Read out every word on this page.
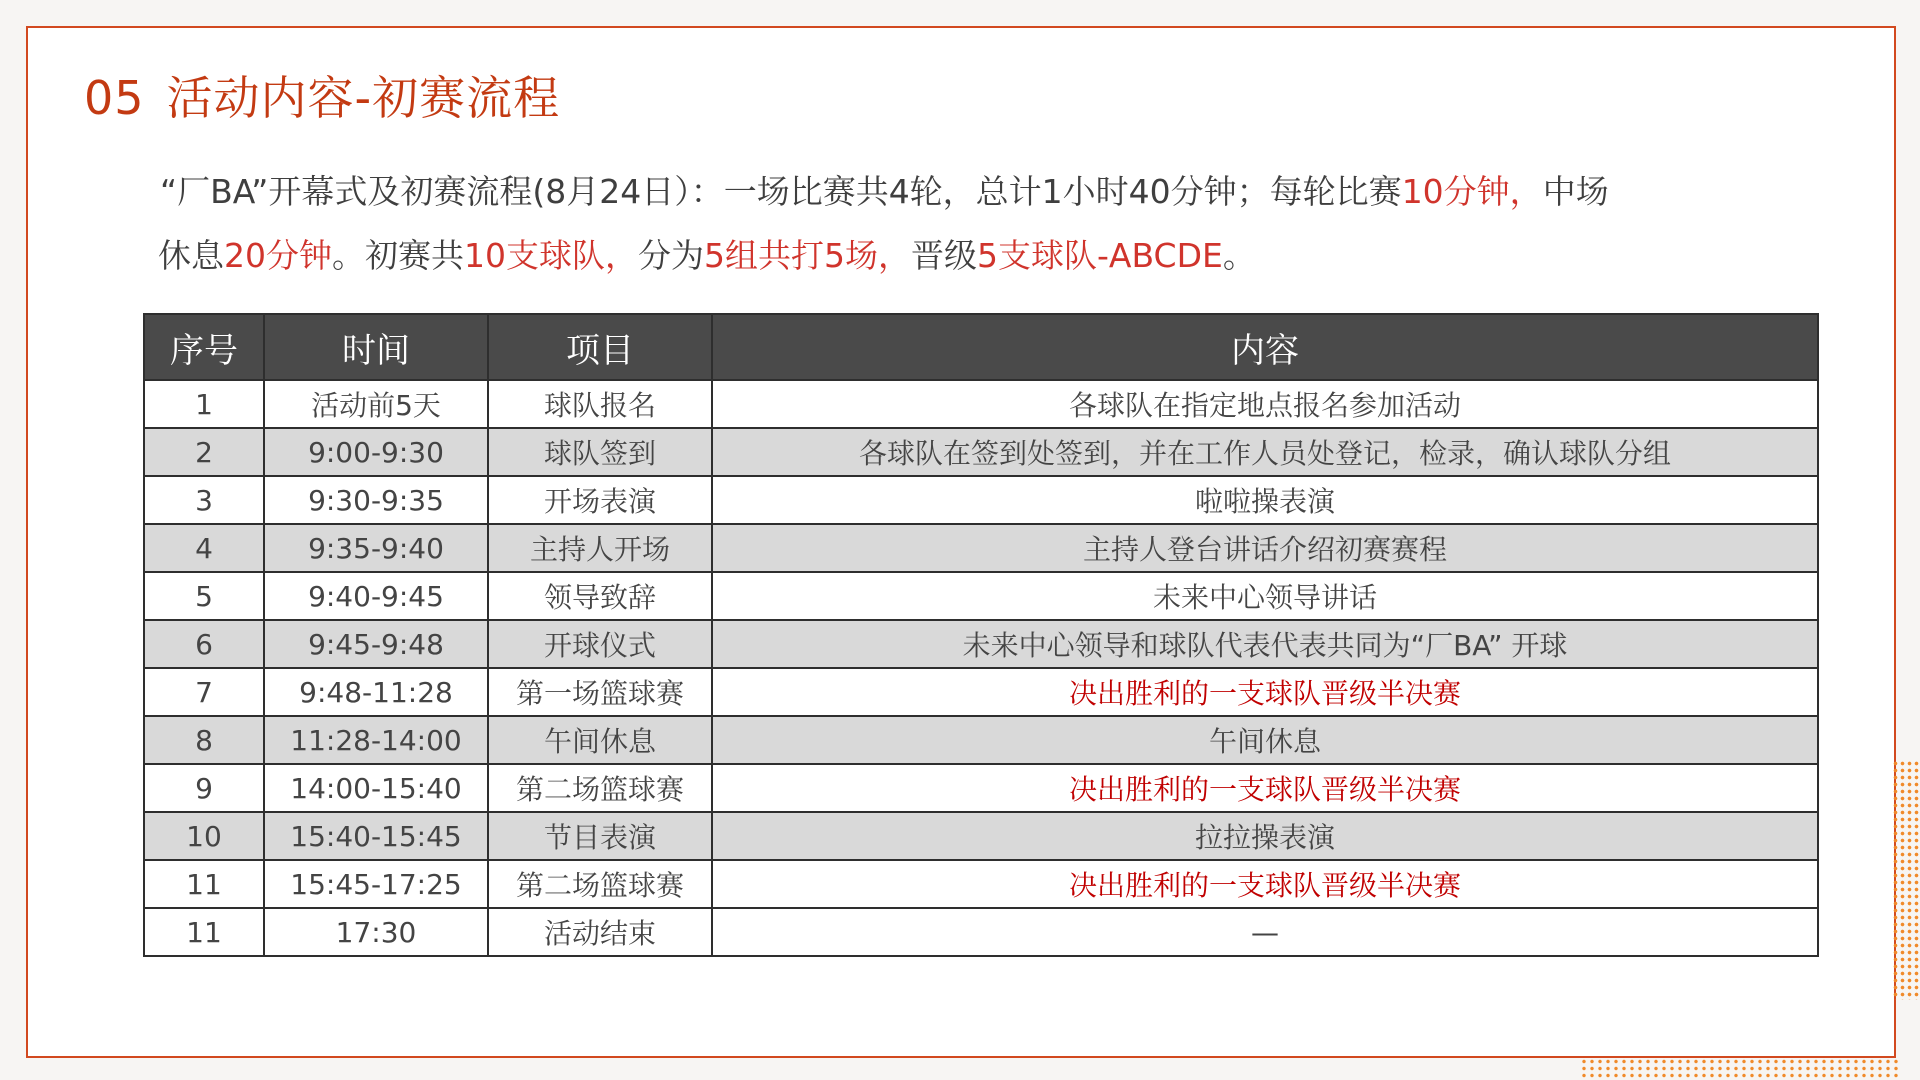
05 活动内容-初赛流程
“厂BA”开幕式及初赛流程(8月24日）：一场比赛共4轮，总计1小时40分钟；每轮比赛10分钟，中场
休息20分钟。初赛共10支球队，分为5组共打5场，晋级5支球队-ABCDE。
序号	时间	项目	内容
1	活动前5天	球队报名	各球队在指定地点报名参加活动
2	9:00-9:30	球队签到	各球队在签到处签到，并在工作人员处登记，检录，确认球队分组
3	9:30-9:35	开场表演	啦啦操表演
4	9:35-9:40	主持人开场	主持人登台讲话介绍初赛赛程
5	9:40-9:45	领导致辞	未来中心领导讲话
6	9:45-9:48	开球仪式	未来中心领导和球队代表代表共同为“厂BA” 开球
7	9:48-11:28	第一场篮球赛	决出胜利的一支球队晋级半决赛
8	11:28-14:00	午间休息	午间休息
9	14:00-15:40	第二场篮球赛	决出胜利的一支球队晋级半决赛
10	15:40-15:45	节目表演	拉拉操表演
11	15:45-17:25	第二场篮球赛	决出胜利的一支球队晋级半决赛
11	17:30	活动结束	—
